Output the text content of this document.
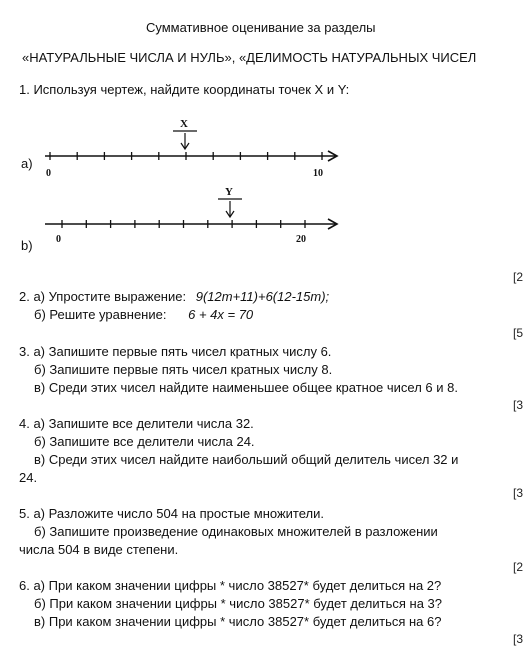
Суммативное оценивание за разделы
«НАТУРАЛЬНЫЕ ЧИСЛА И НУЛЬ», «ДЕЛИМОСТЬ НАТУРАЛЬНЫХ ЧИСЕЛ
1. Используя чертеж, найдите координаты точек X и Y:
а)
X
0	10
Y
0	20
b)
[2
[5
[3
[3
[2
[3
2. а) Упростите выражение: 9(12m+11)+6(12-15m);
б) Решите уравнение: 6 + 4x = 70
3. а) Запишите первые пять чисел кратных числу 6.
б) Запишите первые пять чисел кратных числу 8.
в) Среди этих чисел найдите наименьшее общее кратное чисел 6 и 8.
4. а) Запишите все делители числа 32.
б) Запишите все делители числа 24.
в) Среди этих чисел найдите наибольший общий делитель чисел 32 и
24.
5. а) Разложите число 504 на простые множители.
б) Запишите произведение одинаковых множителей в разложении
числа 504 в виде степени.
6. а) При каком значении цифры * число 38527* будет делиться на 2?
б) При каком значении цифры * число 38527* будет делиться на 3?
в) При каком значении цифры * число 38527* будет делиться на 6?
